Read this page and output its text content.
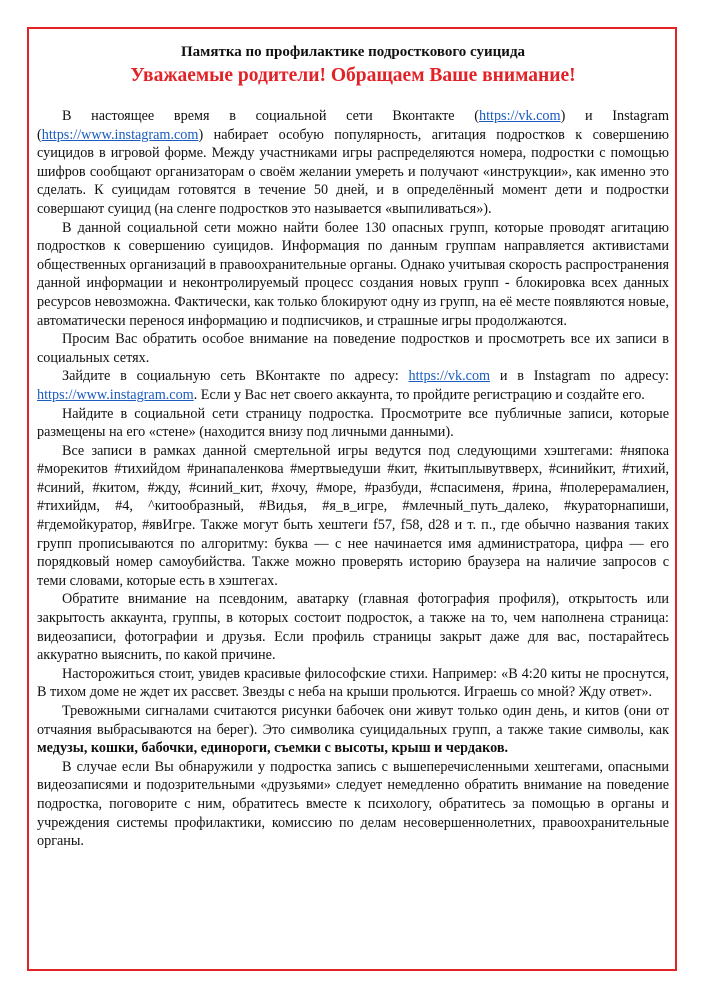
Памятка по профилактике подросткового суицида
Уважаемые родители! Обращаем Ваше внимание!

В настоящее время в социальной сети Вконтакте (https://vk.com) и Instagram (https://www.instagram.com) набирает особую популярность, агитация подростков к совершению суицидов в игровой форме. Между участниками игры распределяются номера, подростки с помощью шифров сообщают организаторам о своём желании умереть и получают «инструкции», как именно это сделать. К суицидам готовятся в течение 50 дней, и в определённый момент дети и подростки совершают суицид (на сленге подростков это называется «выпиливаться»).

В данной социальной сети можно найти более 130 опасных групп, которые проводят агитацию подростков к совершению суицидов. Информация по данным группам направляется активистами общественных организаций в правоохранительные органы. Однако учитывая скорость распространения данной информации и неконтролируемый процесс создания новых групп - блокировка всех данных ресурсов невозможна. Фактически, как только блокируют одну из групп, на её месте появляются новые, автоматически перенося информацию и подписчиков, и страшные игры продолжаются.

Просим Вас обратить особое внимание на поведение подростков и просмотреть все их записи в социальных сетях.

Зайдите в социальную сеть ВКонтакте по адресу: https://vk.com и в Instagram по адресу: https://www.instagram.com. Если у Вас нет своего аккаунта, то пройдите регистрацию и создайте его.

Найдите в социальной сети страницу подростка. Просмотрите все публичные записи, которые размещены на его «стене» (находится внизу под личными данными).

Все записи в рамках данной смертельной игры ведутся под следующими хэштегами: #няпока #морекитов #тихийдом #ринапаленкова #мертвыедуши #кит, #китыплывутвверх, #синийкит, #тихий, #синий, #китом, #жду, #синий_кит, #хочу, #море, #разбуди, #спасименя, #рина, #полерерамалиен, #тихийдм, #4, ^китообразный, #Видья, #я_в_игре, #млечный_путь_далеко, #кураторнапиши, #гдемойкуратор, #явИгре. Также могут быть хештеги f57, f58, d28 и т. п., где обычно названия таких групп прописываются по алгоритму: буква — с нее начинается имя администратора, цифра — его порядковый номер самоубийства. Также можно проверять историю браузера на наличие запросов с теми словами, которые есть в хэштегах.

Обратите внимание на псевдоним, аватарку (главная фотография профиля), открытость или закрытость аккаунта, группы, в которых состоит подросток, а также на то, чем наполнена страница: видеозаписи, фотографии и друзья. Если профиль страницы закрыт даже для вас, постарайтесь аккуратно выяснить, по какой причине.

Насторожиться стоит, увидев красивые философские стихи. Например: «В 4:20 киты не проснутся, В тихом доме не ждет их рассвет. Звезды с неба на крыши прольются. Играешь со мной? Жду ответ».

Тревожными сигналами считаются рисунки бабочек они живут только один день, и китов (они от отчаяния выбрасываются на берег). Это символика суицидальных групп, а также такие символы, как медузы, кошки, бабочки, единороги, съемки с высоты, крыш и чердаков.

В случае если Вы обнаружили у подростка запись с вышеперечисленными хештегами, опасными видеозаписями и подозрительными «друзьями» следует немедленно обратить внимание на поведение подростка, поговорите с ним, обратитесь вместе к психологу, обратитесь за помощью в органы и учреждения системы профилактики, комиссию по делам несовершеннолетних, правоохранительные органы.
